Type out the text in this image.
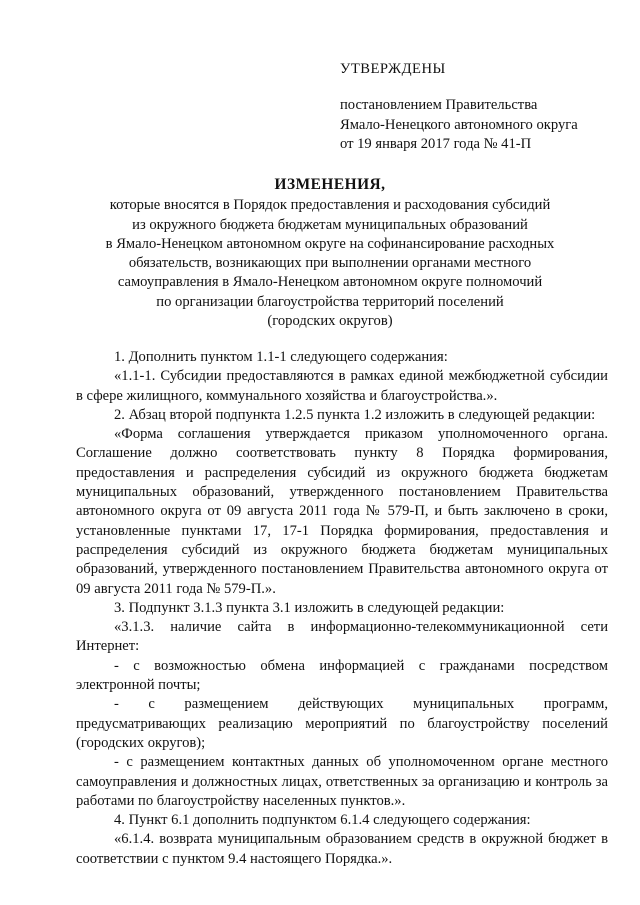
УТВЕРЖДЕНЫ
постановлением Правительства
Ямало-Ненецкого автономного округа
от 19 января 2017 года № 41-П
ИЗМЕНЕНИЯ,
которые вносятся в Порядок предоставления и расходования субсидий
из окружного бюджета бюджетам муниципальных образований
в Ямало-Ненецком автономном округе на софинансирование расходных
обязательств, возникающих при выполнении органами местного
самоуправления в Ямало-Ненецком автономном округе полномочий
по организации благоустройства территорий поселений
(городских округов)

1. Дополнить пунктом 1.1-1 следующего содержания:

«1.1-1. Субсидии предоставляются в рамках единой межбюджетной субсидии в сфере жилищного, коммунального хозяйства и благоустройства.».

2. Абзац второй подпункта 1.2.5 пункта 1.2 изложить в следующей редакции:

«Форма соглашения утверждается приказом уполномоченного органа. Соглашение должно соответствовать пункту 8 Порядка формирования, предоставления и распределения субсидий из окружного бюджета бюджетам муниципальных образований, утвержденного постановлением Правительства автономного округа от 09 августа 2011 года № 579-П, и быть заключено в сроки, установленные пунктами 17, 17-1 Порядка формирования, предоставления и распределения субсидий из окружного бюджета бюджетам муниципальных образований, утвержденного постановлением Правительства автономного округа от 09 августа 2011 года № 579-П.».

3. Подпункт 3.1.3 пункта 3.1 изложить в следующей редакции:

«3.1.3. наличие сайта в информационно-телекоммуникационной сети Интернет:

- с возможностью обмена информацией с гражданами посредством электронной почты;

- с размещением действующих муниципальных программ, предусматривающих реализацию мероприятий по благоустройству поселений (городских округов);

- с размещением контактных данных об уполномоченном органе местного самоуправления и должностных лицах, ответственных за организацию и контроль за работами по благоустройству населенных пунктов.».

4. Пункт 6.1 дополнить подпунктом 6.1.4 следующего содержания:

«6.1.4. возврата муниципальным образованием средств в окружной бюджет в соответствии с пунктом 9.4 настоящего Порядка.».
